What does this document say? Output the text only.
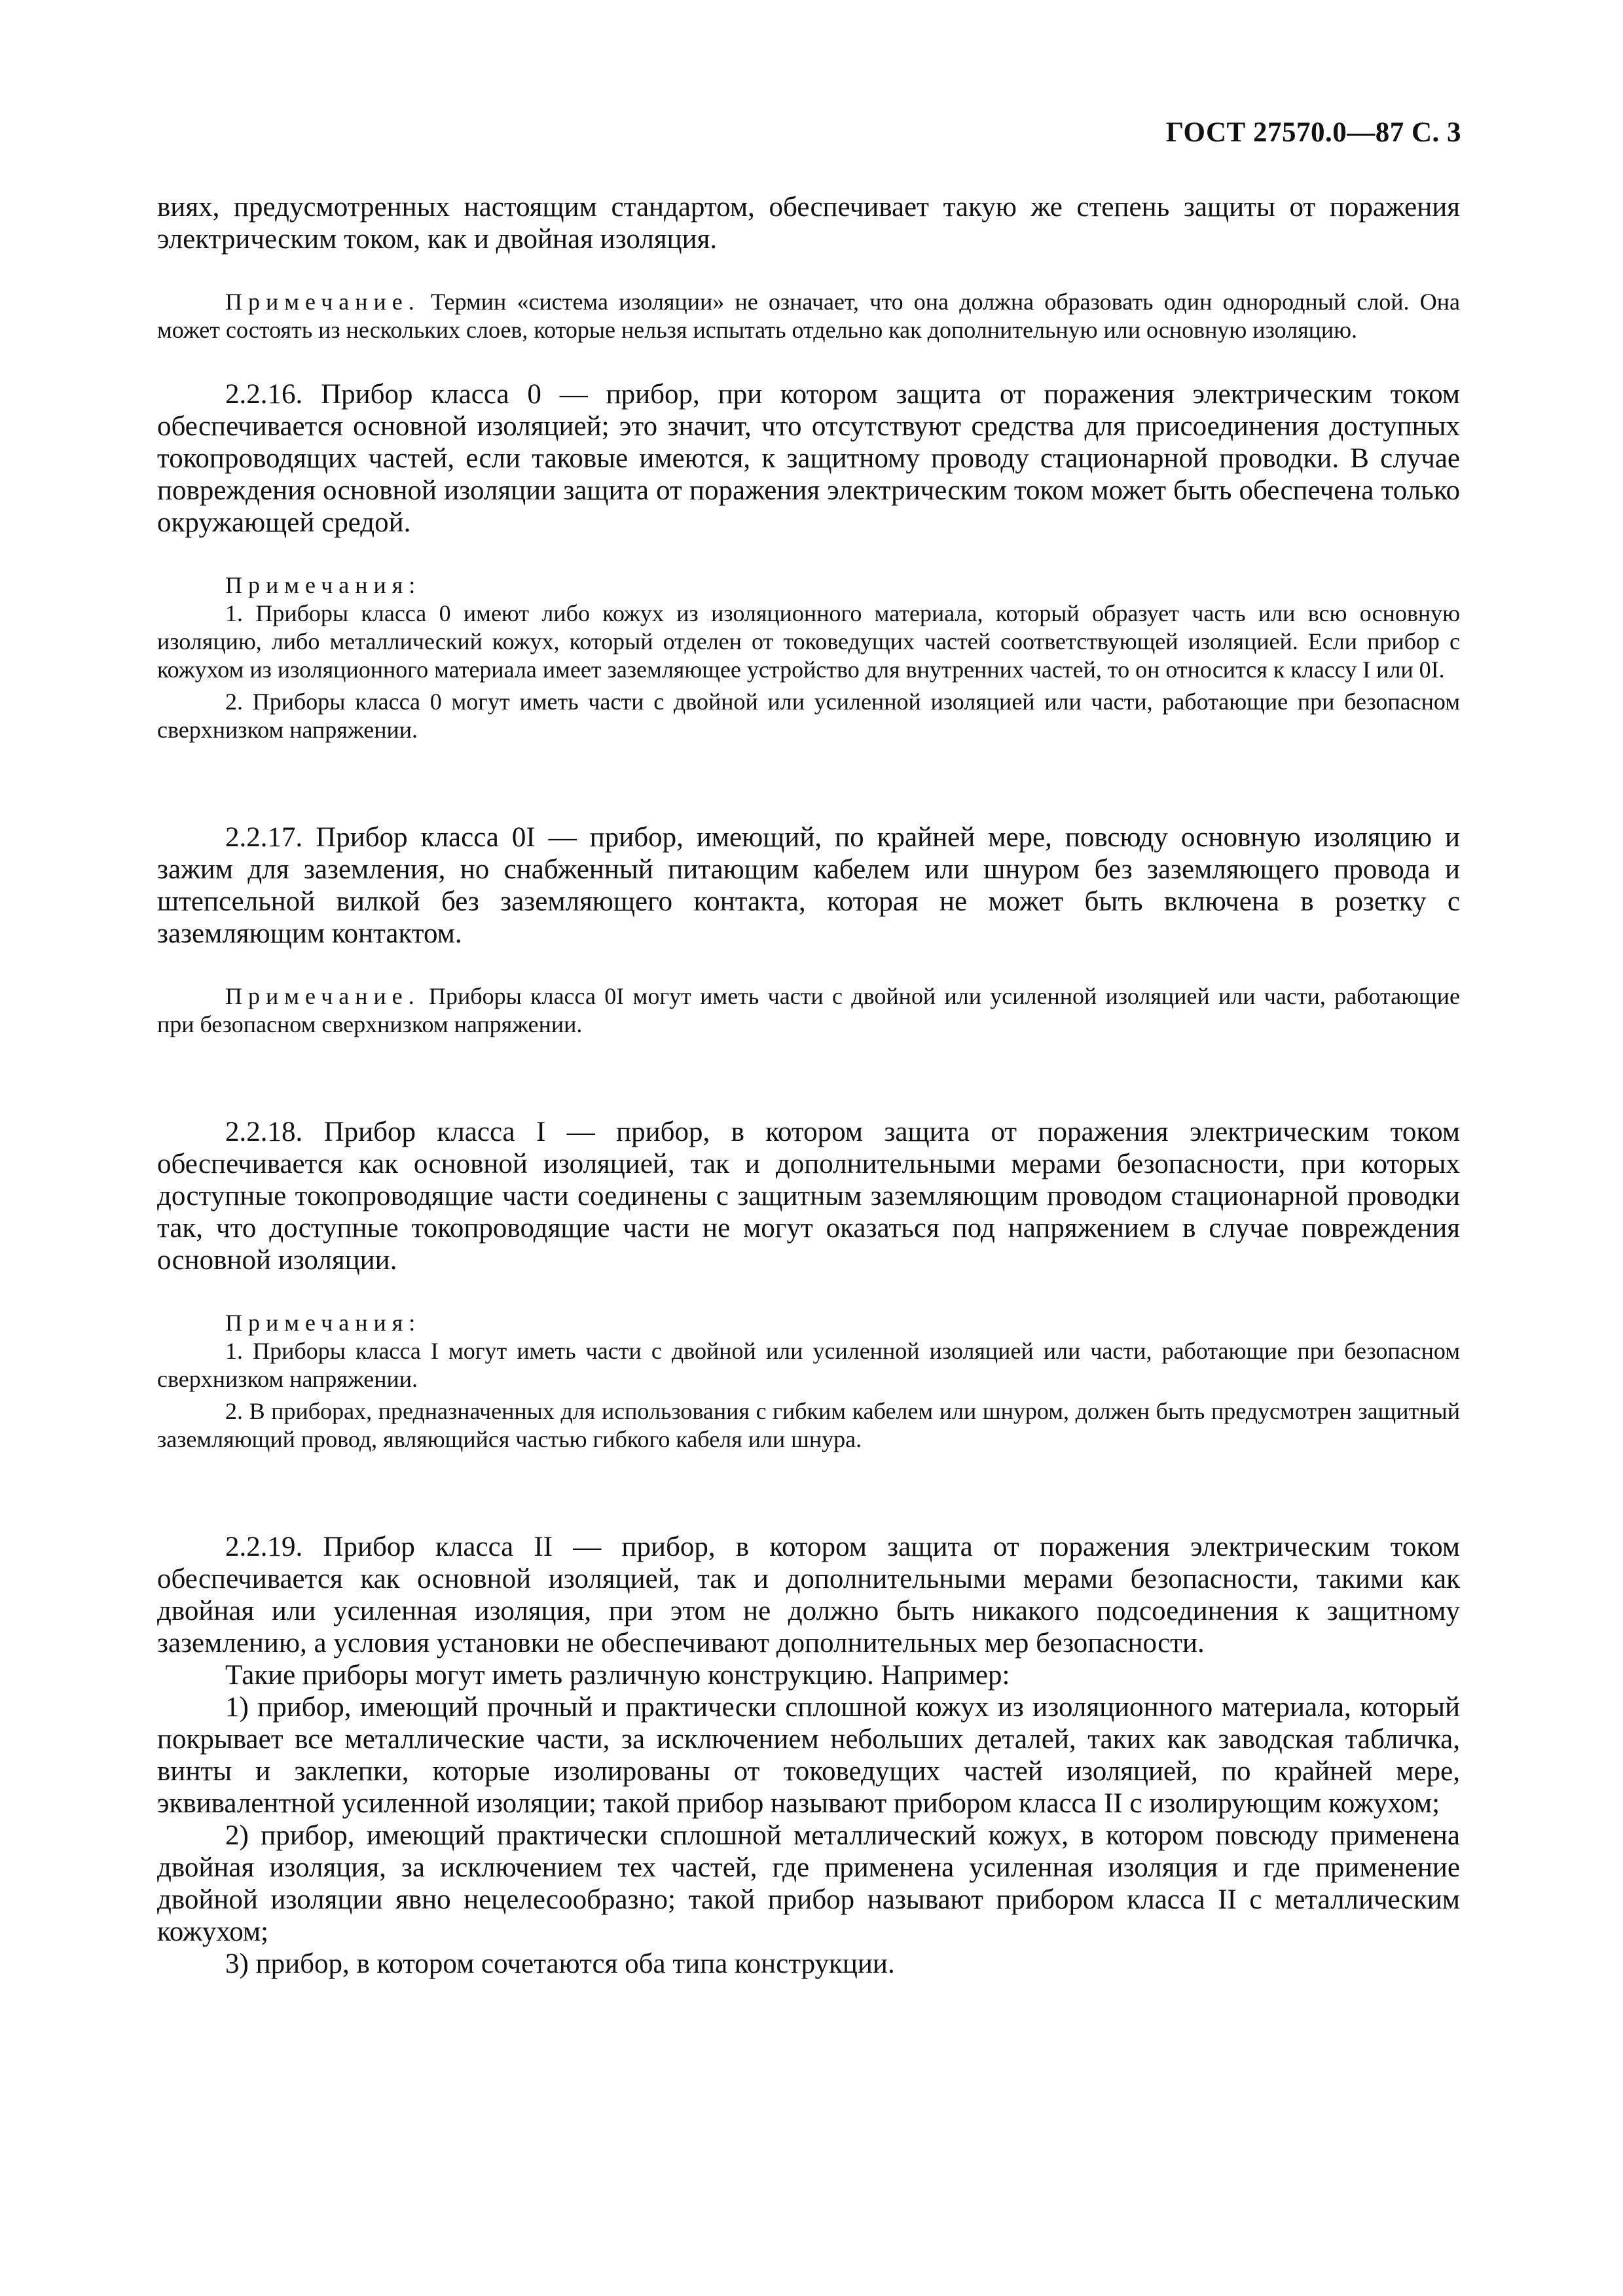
ГОСТ 27570.0—87 С. 3

виях, предусмотренных настоящим стандартом, обеспечивает такую же степень защиты от поражения электрическим током, как и двойная изоляция.

Примечание. Термин «система изоляции» не означает, что она должна образовать один однородный слой. Она может состоять из нескольких слоев, которые нельзя испытать отдельно как дополнительную или основную изоляцию.

2.2.16. Прибор класса 0 — прибор, при котором защита от поражения электрическим током обеспечивается основной изоляцией; это значит, что отсутствуют средства для присоединения доступных токопроводящих частей, если таковые имеются, к защитному проводу стационарной проводки. В случае повреждения основной изоляции защита от поражения электрическим током может быть обеспечена только окружающей средой.

Примечания:

1. Приборы класса 0 имеют либо кожух из изоляционного материала, который образует часть или всю основную изоляцию, либо металлический кожух, который отделен от токоведущих частей соответствующей изоляцией. Если прибор с кожухом из изоляционного материала имеет заземляющее устройство для внутренних частей, то он относится к классу I или 0I.

2. Приборы класса 0 могут иметь части с двойной или усиленной изоляцией или части, работающие при безопасном сверхнизком напряжении.

2.2.17. Прибор класса 0I — прибор, имеющий, по крайней мере, повсюду основную изоляцию и зажим для заземления, но снабженный питающим кабелем или шнуром без заземляющего провода и штепсельной вилкой без заземляющего контакта, которая не может быть включена в розетку с заземляющим контактом.

Примечание. Приборы класса 0I могут иметь части с двойной или усиленной изоляцией или части, работающие при безопасном сверхнизком напряжении.

2.2.18. Прибор класса I — прибор, в котором защита от поражения электрическим током обеспечивается как основной изоляцией, так и дополнительными мерами безопасности, при которых доступные токопроводящие части соединены с защитным заземляющим проводом стационарной проводки так, что доступные токопроводящие части не могут оказаться под напряжением в случае повреждения основной изоляции.

Примечания:

1. Приборы класса I могут иметь части с двойной или усиленной изоляцией или части, работающие при безопасном сверхнизком напряжении.

2. В приборах, предназначенных для использования с гибким кабелем или шнуром, должен быть предусмотрен защитный заземляющий провод, являющийся частью гибкого кабеля или шнура.

2.2.19. Прибор класса II — прибор, в котором защита от поражения электрическим током обеспечивается как основной изоляцией, так и дополнительными мерами безопасности, такими как двойная или усиленная изоляция, при этом не должно быть никакого подсоединения к защитному заземлению, а условия установки не обеспечивают дополнительных мер безопасности.

Такие приборы могут иметь различную конструкцию. Например:

1) прибор, имеющий прочный и практически сплошной кожух из изоляционного материала, который покрывает все металлические части, за исключением небольших деталей, таких как заводская табличка, винты и заклепки, которые изолированы от токоведущих частей изоляцией, по крайней мере, эквивалентной усиленной изоляции; такой прибор называют прибором класса II с изолирующим кожухом;

2) прибор, имеющий практически сплошной металлический кожух, в котором повсюду применена двойная изоляция, за исключением тех частей, где применена усиленная изоляция и где применение двойной изоляции явно нецелесообразно; такой прибор называют прибором класса II с металлическим кожухом;

3) прибор, в котором сочетаются оба типа конструкции.
